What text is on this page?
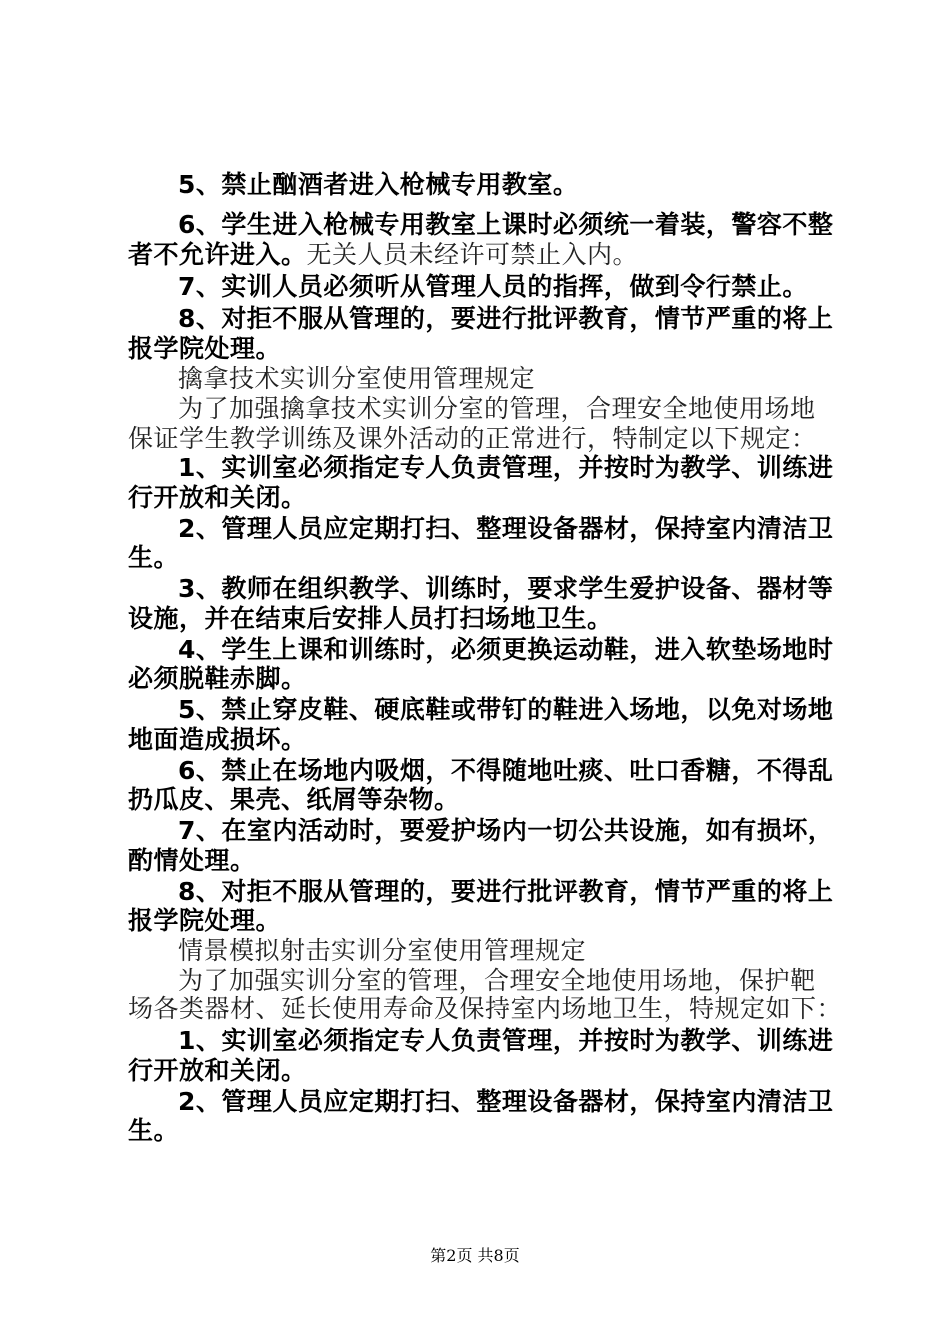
5、禁止酗酒者进入枪械专用教室。
6、学生进入枪械专用教室上课时必须统一着装，警容不整
者不允许进入。无关人员未经许可禁止入内。
7、实训人员必须听从管理人员的指挥，做到令行禁止。
8、对拒不服从管理的，要进行批评教育，情节严重的将上
报学院处理。
擒拿技术实训分室使用管理规定
为了加强擒拿技术实训分室的管理，合理安全地使用场地
保证学生教学训练及课外活动的正常进行，特制定以下规定：
1、实训室必须指定专人负责管理，并按时为教学、训练进
行开放和关闭。
2、管理人员应定期打扫、整理设备器材，保持室内清洁卫
生。
3、教师在组织教学、训练时，要求学生爱护设备、器材等
设施，并在结束后安排人员打扫场地卫生。
4、学生上课和训练时，必须更换运动鞋，进入软垫场地时
必须脱鞋赤脚。
5、禁止穿皮鞋、硬底鞋或带钉的鞋进入场地，以免对场地
地面造成损坏。
6、禁止在场地内吸烟，不得随地吐痰、吐口香糖，不得乱
扔瓜皮、果壳、纸屑等杂物。
7、在室内活动时，要爱护场内一切公共设施，如有损坏，
酌情处理。
8、对拒不服从管理的，要进行批评教育，情节严重的将上
报学院处理。
情景模拟射击实训分室使用管理规定
为了加强实训分室的管理，合理安全地使用场地，保护靶
场各类器材、延长使用寿命及保持室内场地卫生，特规定如下：
1、实训室必须指定专人负责管理，并按时为教学、训练进
行开放和关闭。
2、管理人员应定期打扫、整理设备器材，保持室内清洁卫
生。
第2页 共8页
